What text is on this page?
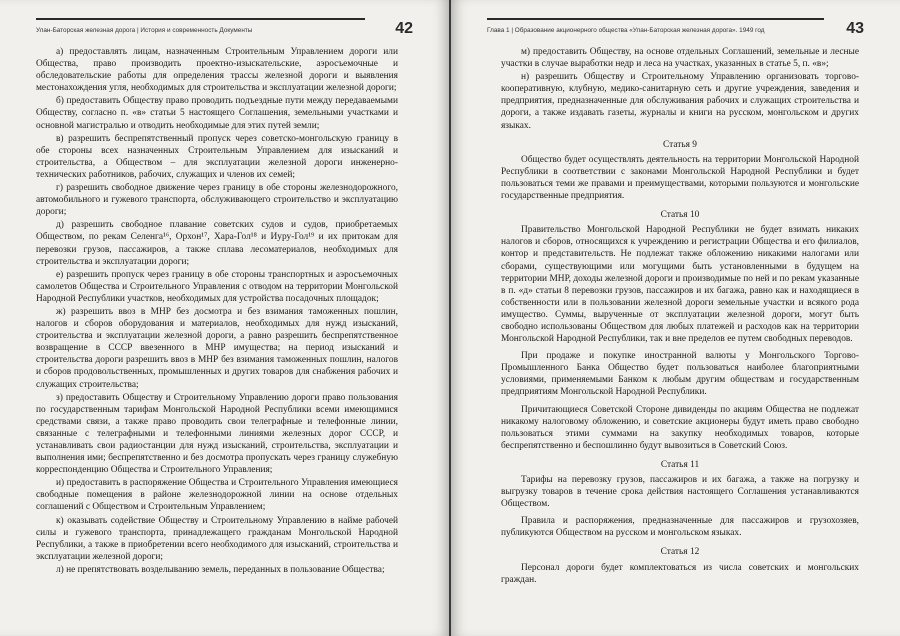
Улан-Баторская железная дорога | История и современность Документы	42

а) предоставлять лицам, назначенным Строительным Управлением дороги или Общества, право производить проектно-изыскательские, аэросъемочные и обследовательские работы для определения трассы железной дороги и выявления местонахождения угля, необходимых для строительства и эксплуатации железной дороги;

б) предоставить Обществу право проводить подъездные пути между передаваемыми Обществу, согласно п. «в» статьи 5 настоящего Соглашения, земельными участками и основной магистралью и отводить необходимые для этих путей земли;

в) разрешить беспрепятственный пропуск через советско-монгольскую границу в обе стороны всех назначенных Строительным Управлением для изысканий и строительства, а Обществом – для эксплуатации железной дороги инженерно-технических работников, рабочих, служащих и членов их семей;

г) разрешить свободное движение через границу в обе стороны железнодорожного, автомобильного и гужевого транспорта, обслуживающего строительство и эксплуатацию дороги;

д) разрешить свободное плавание советских судов и судов, приобретаемых Обществом, по рекам Селенга¹⁶, Орхон¹⁷, Хара-Гол¹⁸ и Иуру-Гол¹⁹ и их притокам для перевозки грузов, пассажиров, а также сплава лесоматериалов, необходимых для строительства и эксплуатации дороги;

е) разрешить пропуск через границу в обе стороны транспортных и аэросъемочных самолетов Общества и Строительного Управления с отводом на территории Монгольской Народной Республики участков, необходимых для устройства посадочных площадок;

ж) разрешить ввоз в МНР без досмотра и без взимания таможенных пошлин, налогов и сборов оборудования и материалов, необходимых для нужд изысканий, строительства и эксплуатации железной дороги, а равно разрешить беспрепятственное возвращение в СССР ввезенного в МНР имущества; на период изысканий и строительства дороги разрешить ввоз в МНР без взимания таможенных пошлин, налогов и сборов продовольственных, промышленных и других товаров для снабжения рабочих и служащих строительства;

з) предоставить Обществу и Строительному Управлению дороги право пользования по государственным тарифам Монгольской Народной Республики всеми имеющимися средствами связи, а также право проводить свои телеграфные и телефонные линии, связанные с телеграфными и телефонными линиями железных дорог СССР, и устанавливать свои радиостанции для нужд изысканий, строительства, эксплуатации и выполнения ими; беспрепятственно и без досмотра пропускать через границу служебную корреспонденцию Общества и Строительного Управления;

и) предоставить в распоряжение Общества и Строительного Управления имеющиеся свободные помещения в районе железнодорожной линии на основе отдельных соглашений с Обществом и Строительным Управлением;

к) оказывать содействие Обществу и Строительному Управлению в найме рабочей силы и гужевого транспорта, принадлежащего гражданам Монгольской Народной Республики, а также в приобретении всего необходимого для изысканий, строительства и эксплуатации железной дороги;

л) не препятствовать возделыванию земель, переданных в пользование Общества;

Глава 1 | Образование акционерного общества «Улан-Баторская железная дорога». 1949 год	43

м) предоставить Обществу, на основе отдельных Соглашений, земельные и лесные участки в случае выработки недр и леса на участках, указанных в статье 5, п. «в»;

н) разрешить Обществу и Строительному Управлению организовать торгово-кооперативную, клубную, медико-санитарную сеть и другие учреждения, заведения и предприятия, предназначенные для обслуживания рабочих и служащих строительства и дороги, а также издавать газеты, журналы и книги на русском, монгольском и других языках.

Статья 9

Общество будет осуществлять деятельность на территории Монгольской Народной Республики в соответствии с законами Монгольской Народной Республики и будет пользоваться теми же правами и преимуществами, которыми пользуются и монгольские государственные предприятия.

Статья 10

Правительство Монгольской Народной Республики не будет взимать никаких налогов и сборов, относящихся к учреждению и регистрации Общества и его филиалов, контор и представительств. Не подлежат также обложению никакими налогами или сборами, существующими или могущими быть установленными в будущем на территории МНР, доходы железной дороги и производимые по ней и по рекам указанные в п. «д» статьи 8 перевозки грузов, пассажиров и их багажа, равно как и находящиеся в собственности или в пользовании железной дороги земельные участки и всякого рода имущество. Суммы, вырученные от эксплуатации железной дороги, могут быть свободно использованы Обществом для любых платежей и расходов как на территории Монгольской Народной Республики, так и вне пределов ее путем свободных переводов.

При продаже и покупке иностранной валюты у Монгольского Торгово-Промышленного Банка Общество будет пользоваться наиболее благоприятными условиями, применяемыми Банком к любым другим обществам и государственным предприятиям Монгольской Народной Республики.

Причитающиеся Советской Стороне дивиденды по акциям Общества не подлежат никакому налоговому обложению, и советские акционеры будут иметь право свободно пользоваться этими суммами на закупку необходимых товаров, которые беспрепятственно и беспошлинно будут вывозиться в Советский Союз.

Статья 11

Тарифы на перевозку грузов, пассажиров и их багажа, а также на погрузку и выгрузку товаров в течение срока действия настоящего Соглашения устанавливаются Обществом.

Правила и распоряжения, предназначенные для пассажиров и грузохозяев, публикуются Обществом на русском и монгольском языках.

Статья 12

Персонал дороги будет комплектоваться из числа советских и монгольских граждан.
